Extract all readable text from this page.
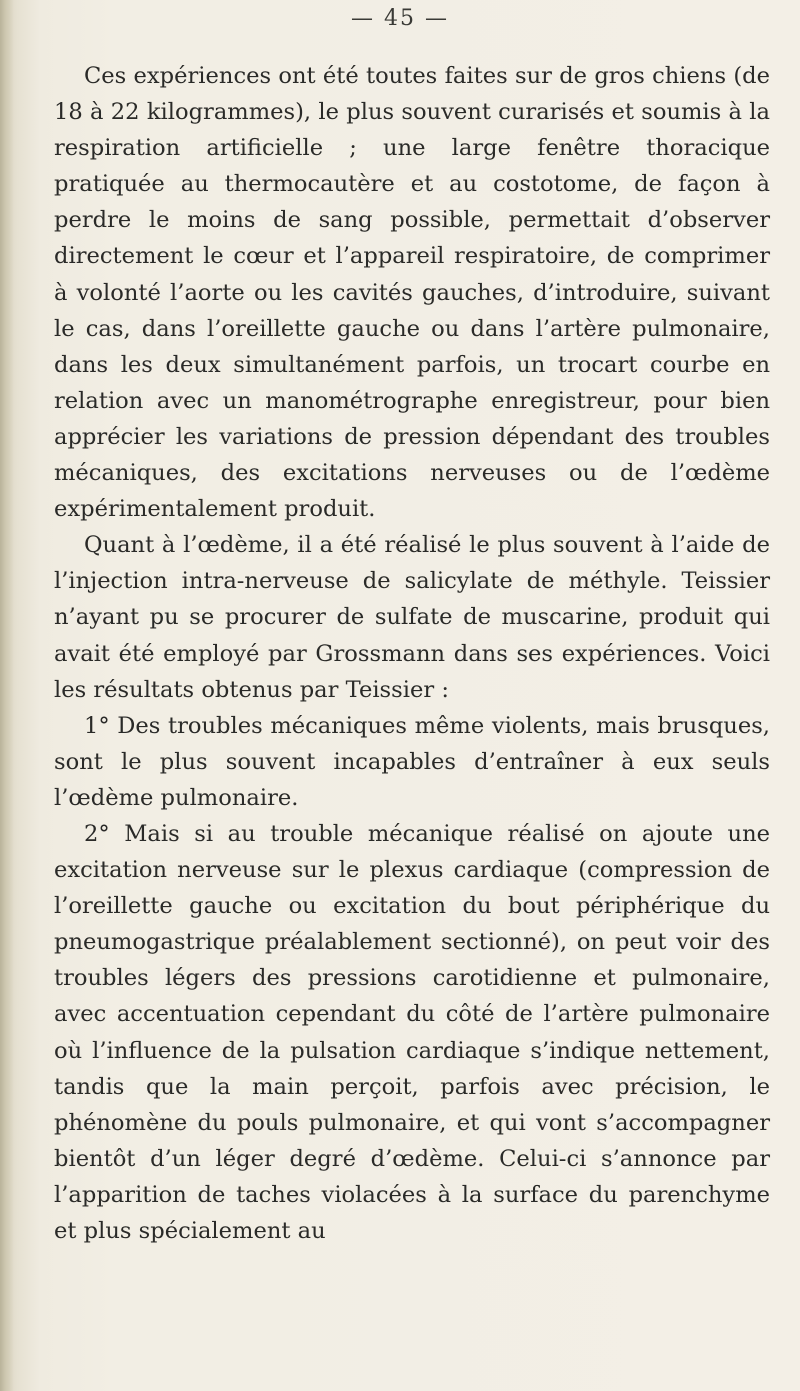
— 45 —

Ces expériences ont été toutes faites sur de gros chiens (de 18 à 22 kilogrammes), le plus souvent curarisés et soumis à la respiration artificielle ; une large fenêtre thoracique pratiquée au thermocautère et au costotome, de façon à perdre le moins de sang possible, permettait d’observer directement le cœur et l’appareil respiratoire, de comprimer à volonté l’aorte ou les cavités gauches, d’introduire, suivant le cas, dans l’oreillette gauche ou dans l’artère pulmonaire, dans les deux simultanément parfois, un trocart courbe en relation avec un manométrographe enregistreur, pour bien apprécier les variations de pression dépendant des troubles mécaniques, des excitations nerveuses ou de l’œdème expérimentalement produit.

Quant à l’œdème, il a été réalisé le plus souvent à l’aide de l’injection intra-nerveuse de salicylate de méthyle. Teissier n’ayant pu se procurer de sulfate de muscarine, produit qui avait été employé par Grossmann dans ses expériences. Voici les résultats obtenus par Teissier :

1° Des troubles mécaniques même violents, mais brusques, sont le plus souvent incapables d’entraîner à eux seuls l’œdème pulmonaire.

2° Mais si au trouble mécanique réalisé on ajoute une excitation nerveuse sur le plexus cardiaque (compression de l’oreillette gauche ou excitation du bout périphérique du pneumogastrique préalablement sectionné), on peut voir des troubles légers des pressions carotidienne et pulmonaire, avec accentuation cependant du côté de l’artère pulmonaire où l’influence de la pulsation cardiaque s’indique nettement, tandis que la main perçoit, parfois avec précision, le phénomène du pouls pulmonaire, et qui vont s’accompagner bientôt d’un léger degré d’œdème. Celui-ci s’annonce par l’apparition de taches violacées à la surface du parenchyme et plus spécialement au
